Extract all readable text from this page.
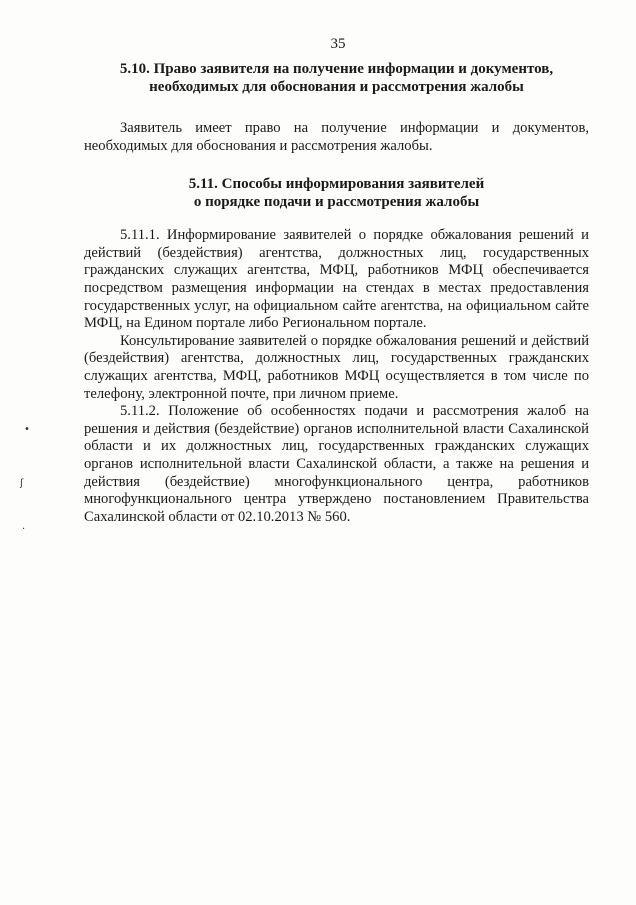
35
5.10. Право заявителя на получение информации и документов,
необходимых для обоснования и рассмотрения жалобы

Заявитель имеет право на получение информации и документов, необходимых для обоснования и рассмотрения жалобы.

5.11. Способы информирования заявителей
о порядке подачи и рассмотрения жалобы

5.11.1. Информирование заявителей о порядке обжалования решений и действий (бездействия) агентства, должностных лиц, государственных гражданских служащих агентства, МФЦ, работников МФЦ обеспечивается посредством размещения информации на стендах в местах предоставления государственных услуг, на официальном сайте агентства, на официальном сайте МФЦ, на Едином портале либо Региональном портале.

Консультирование заявителей о порядке обжалования решений и действий (бездействия) агентства, должностных лиц, государственных гражданских служащих агентства, МФЦ, работников МФЦ осуществляется в том числе по телефону, электронной почте, при личном приеме.

5.11.2. Положение об особенностях подачи и рассмотрения жалоб на решения и действия (бездействие) органов исполнительной власти Сахалинской области и их должностных лиц, государственных гражданских служащих органов исполнительной власти Сахалинской области, а также на решения и действия (бездействие) многофункционального центра, работников многофункционального центра утверждено постановлением Правительства Сахалинской области от 02.10.2013 № 560.

•
ʃ
·
